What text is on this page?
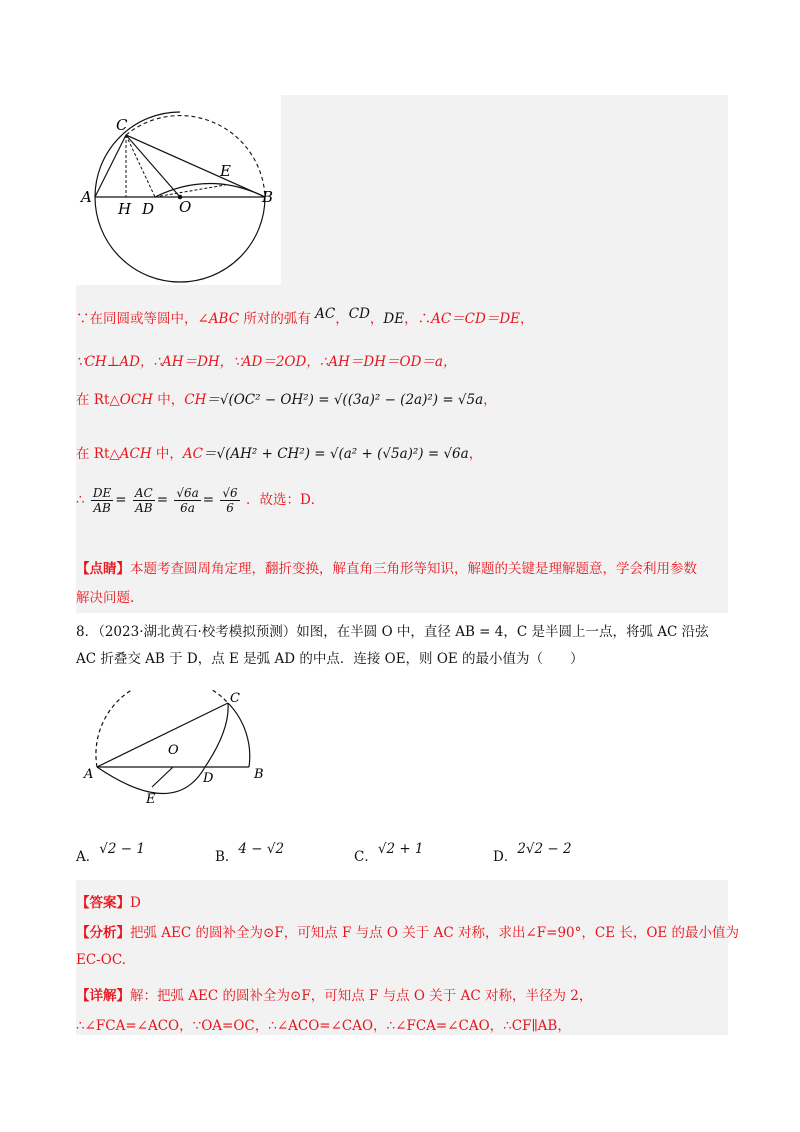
C
E
A
H D O
B
∵在同圆或等圆中，∠ABC 所对的弧有 AC，CD，DE，∴AC＝CD＝DE，
∵CH⊥AD，∴AH＝DH，∵AD＝2OD，∴AH＝DH＝OD＝a，
在 Rt△OCH 中，CH＝√(OC² − OH²) = √((3a)² − (2a)²) = √5a，
在 Rt△ACH 中，AC＝√(AH² + CH²) = √(a² + (√5a)²) = √6a，
∴ $\frac{DE}{AB} = \frac{AC}{AB} = \frac{√6a}{6a} = \frac{√6}{6}$ ．故选：D．
【点睛】本题考查圆周角定理，翻折变换，解直角三角形等知识，解题的关键是理解题意，学会利用参数
解决问题.
8．（2023·湖北黄石·校考模拟预测）如图，在半圆 O 中，直径 AB = 4，C 是半圆上一点，将弧 AC 沿弦
AC 折叠交 AB 于 D，点 E 是弧 AD 的中点．连接 OE，则 OE 的最小值为（　　）
C
O
A	D	B
E
A．√2 − 1	B．4 − √2	C．√2 + 1	D．2√2 − 2
【答案】D
【分析】把弧 AEC 的圆补全为⊙F，可知点 F 与点 O 关于 AC 对称，求出∠F=90°，CE 长，OE 的最小值为
EC-OC.
【详解】解：把弧 AEC 的圆补全为⊙F，可知点 F 与点 O 关于 AC 对称，半径为 2，
∴∠FCA=∠ACO，∵OA=OC，∴∠ACO=∠CAO，∴∠FCA=∠CAO，∴CF∥AB，
